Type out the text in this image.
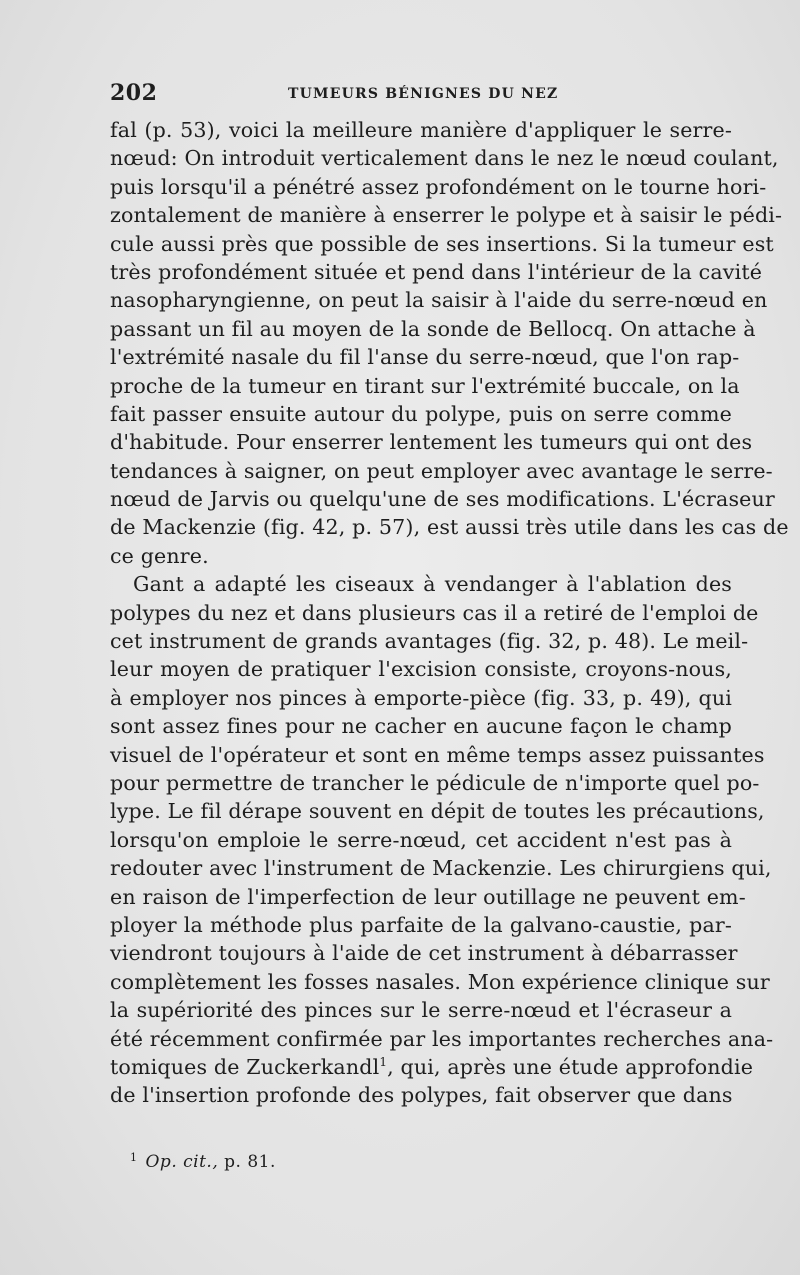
202	TUMEURS BÉNIGNES DU NEZ
fal (p. 53), voici la meilleure manière d'appliquer le serre-
nœud: On introduit verticalement dans le nez le nœud coulant,
puis lorsqu'il a pénétré assez profondément on le tourne hori-
zontalement de manière à enserrer le polype et à saisir le pédi-
cule aussi près que possible de ses insertions. Si la tumeur est
très profondément située et pend dans l'intérieur de la cavité
nasopharyngienne, on peut la saisir à l'aide du serre-nœud en
passant un fil au moyen de la sonde de Bellocq. On attache à
l'extrémité nasale du fil l'anse du serre-nœud, que l'on rap-
proche de la tumeur en tirant sur l'extrémité buccale, on la
fait passer ensuite autour du polype, puis on serre comme
d'habitude. Pour enserrer lentement les tumeurs qui ont des
tendances à saigner, on peut employer avec avantage le serre-
nœud de Jarvis ou quelqu'une de ses modifications. L'écraseur
de Mackenzie (fig. 42, p. 57), est aussi très utile dans les cas de
ce genre.
Gant a adapté les ciseaux à vendanger à l'ablation des
polypes du nez et dans plusieurs cas il a retiré de l'emploi de
cet instrument de grands avantages (fig. 32, p. 48). Le meil-
leur moyen de pratiquer l'excision consiste, croyons-nous,
à employer nos pinces à emporte-pièce (fig. 33, p. 49), qui
sont assez fines pour ne cacher en aucune façon le champ
visuel de l'opérateur et sont en même temps assez puissantes
pour permettre de trancher le pédicule de n'importe quel po-
lype. Le fil dérape souvent en dépit de toutes les précautions,
lorsqu'on emploie le serre-nœud, cet accident n'est pas à
redouter avec l'instrument de Mackenzie. Les chirurgiens qui,
en raison de l'imperfection de leur outillage ne peuvent em-
ployer la méthode plus parfaite de la galvano-caustie, par-
viendront toujours à l'aide de cet instrument à débarrasser
complètement les fosses nasales. Mon expérience clinique sur
la supériorité des pinces sur le serre-nœud et l'écraseur a
été récemment confirmée par les importantes recherches ana-
tomiques de Zuckerkandl$^1$, qui, après une étude approfondie
de l'insertion profonde des polypes, fait observer que dans
$^1$ Op. cit., p. 81.
